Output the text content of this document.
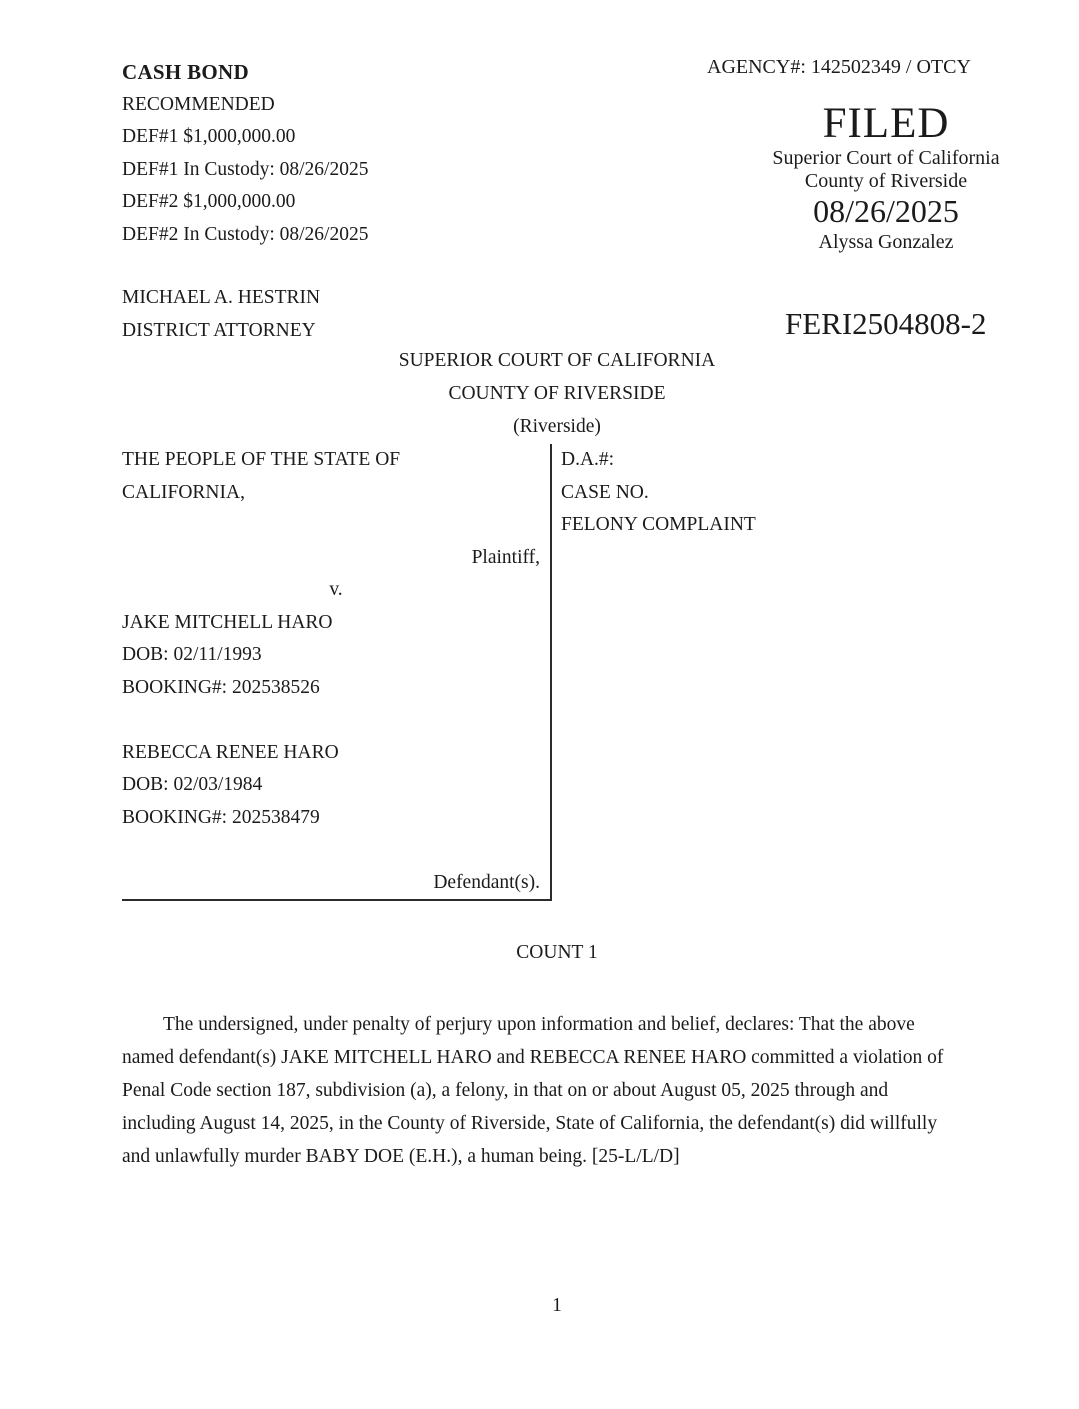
CASH BOND
RECOMMENDED
DEF#1 $1,000,000.00
DEF#1 In Custody: 08/26/2025
DEF#2 $1,000,000.00
DEF#2 In Custody: 08/26/2025
AGENCY#: 142502349 / OTCY
FILED
Superior Court of California
County of Riverside
08/26/2025
Alyssa Gonzalez
MICHAEL A. HESTRIN
DISTRICT ATTORNEY	FERI2504808-2
SUPERIOR COURT OF CALIFORNIA
COUNTY OF RIVERSIDE
(Riverside)
THE PEOPLE OF THE STATE OF
CALIFORNIA,
Plaintiff,
v.
JAKE MITCHELL HARO
DOB: 02/11/1993
BOOKING#: 202538526
REBECCA RENEE HARO
DOB: 02/03/1984
BOOKING#: 202538479
Defendant(s).
D.A.#:
CASE NO.
FELONY COMPLAINT
COUNT 1
The undersigned, under penalty of perjury upon information and belief, declares: That the above named defendant(s) JAKE MITCHELL HARO and REBECCA RENEE HARO committed a violation of Penal Code section 187, subdivision (a), a felony, in that on or about August 05, 2025 through and including August 14, 2025, in the County of Riverside, State of California, the defendant(s) did willfully and unlawfully murder BABY DOE (E.H.), a human being. [25-L/L/D]
1
